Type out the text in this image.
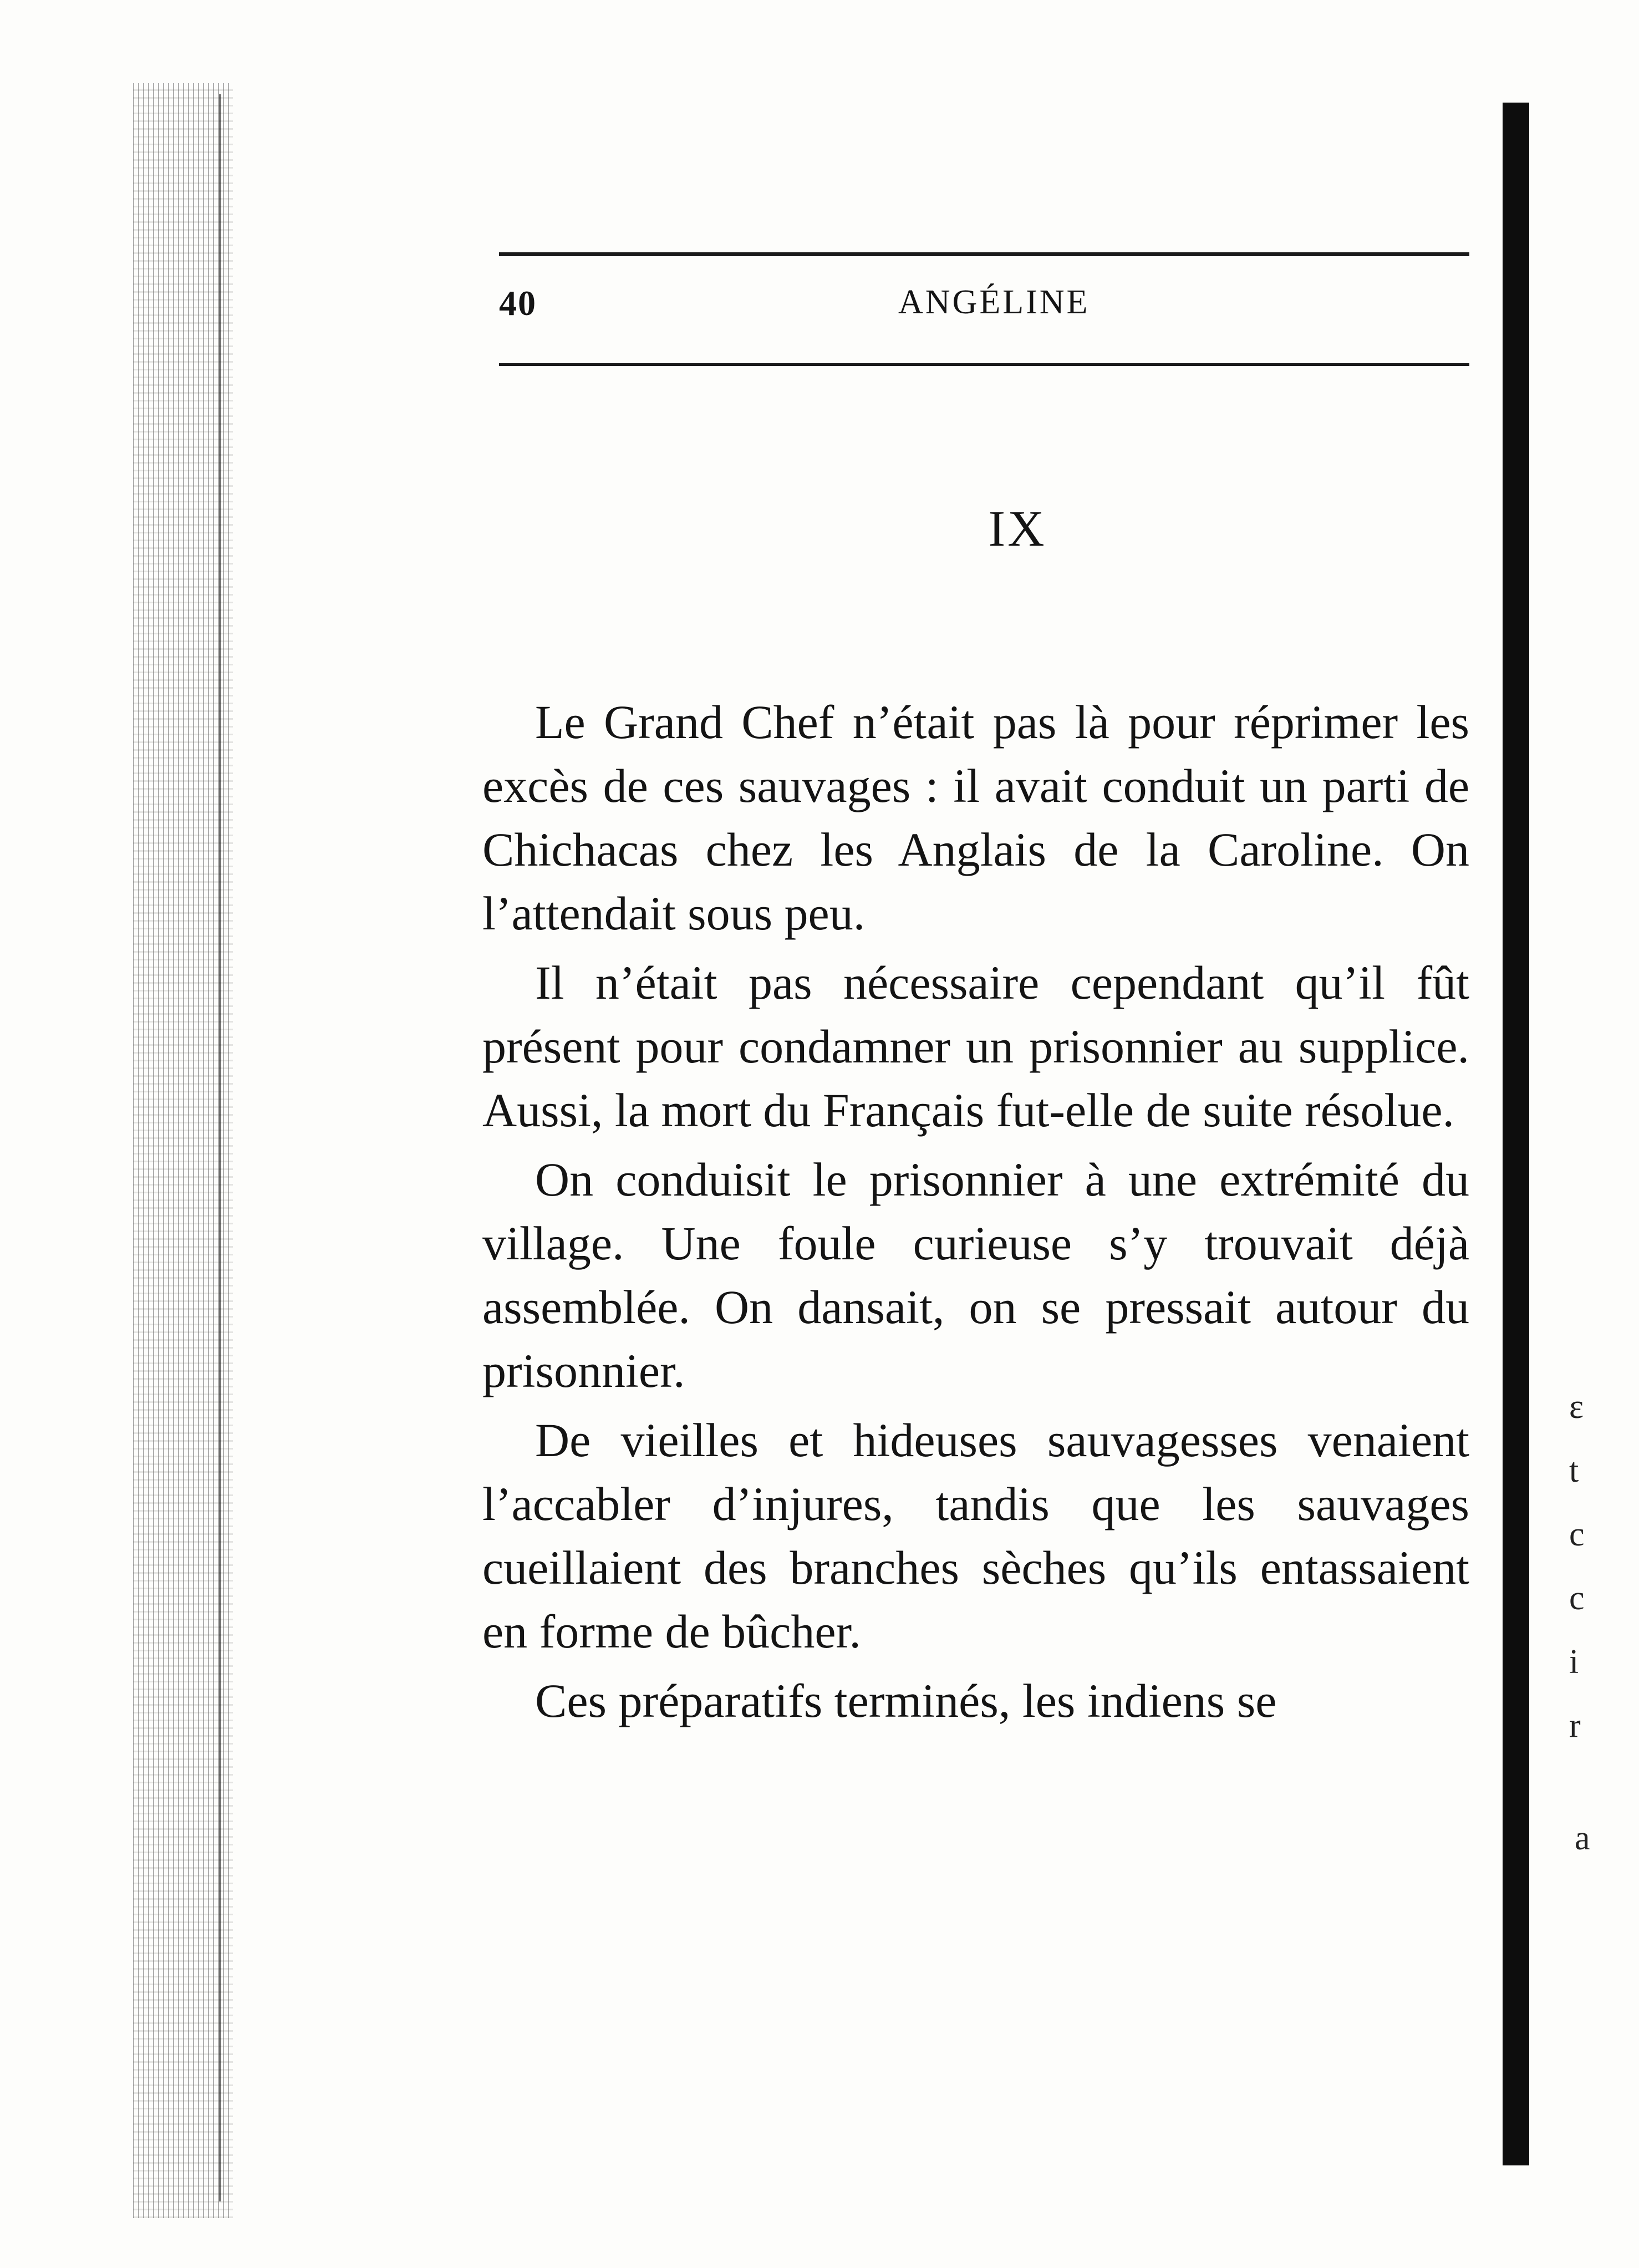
40	ANGÉLINE
IX

Le Grand Chef n’était pas là pour réprimer les excès de ces sauvages : il avait conduit un parti de Chichacas chez les Anglais de la Caroline. On l’attendait sous peu.

Il n’était pas nécessaire cependant qu’il fût présent pour condamner un prisonnier au supplice. Aussi, la mort du Français fut-elle de suite résolue.

On conduisit le prisonnier à une extrémité du village. Une foule curieuse s’y trouvait déjà assemblée. On dansait, on se pressait autour du prisonnier.

De vieilles et hideuses sauvagesses venaient l’accabler d’injures, tandis que les sauvages cueillaient des branches sèches qu’ils entassaient en forme de bûcher.

Ces préparatifs terminés, les indiens se

ε
t
c
c
i
r
a
